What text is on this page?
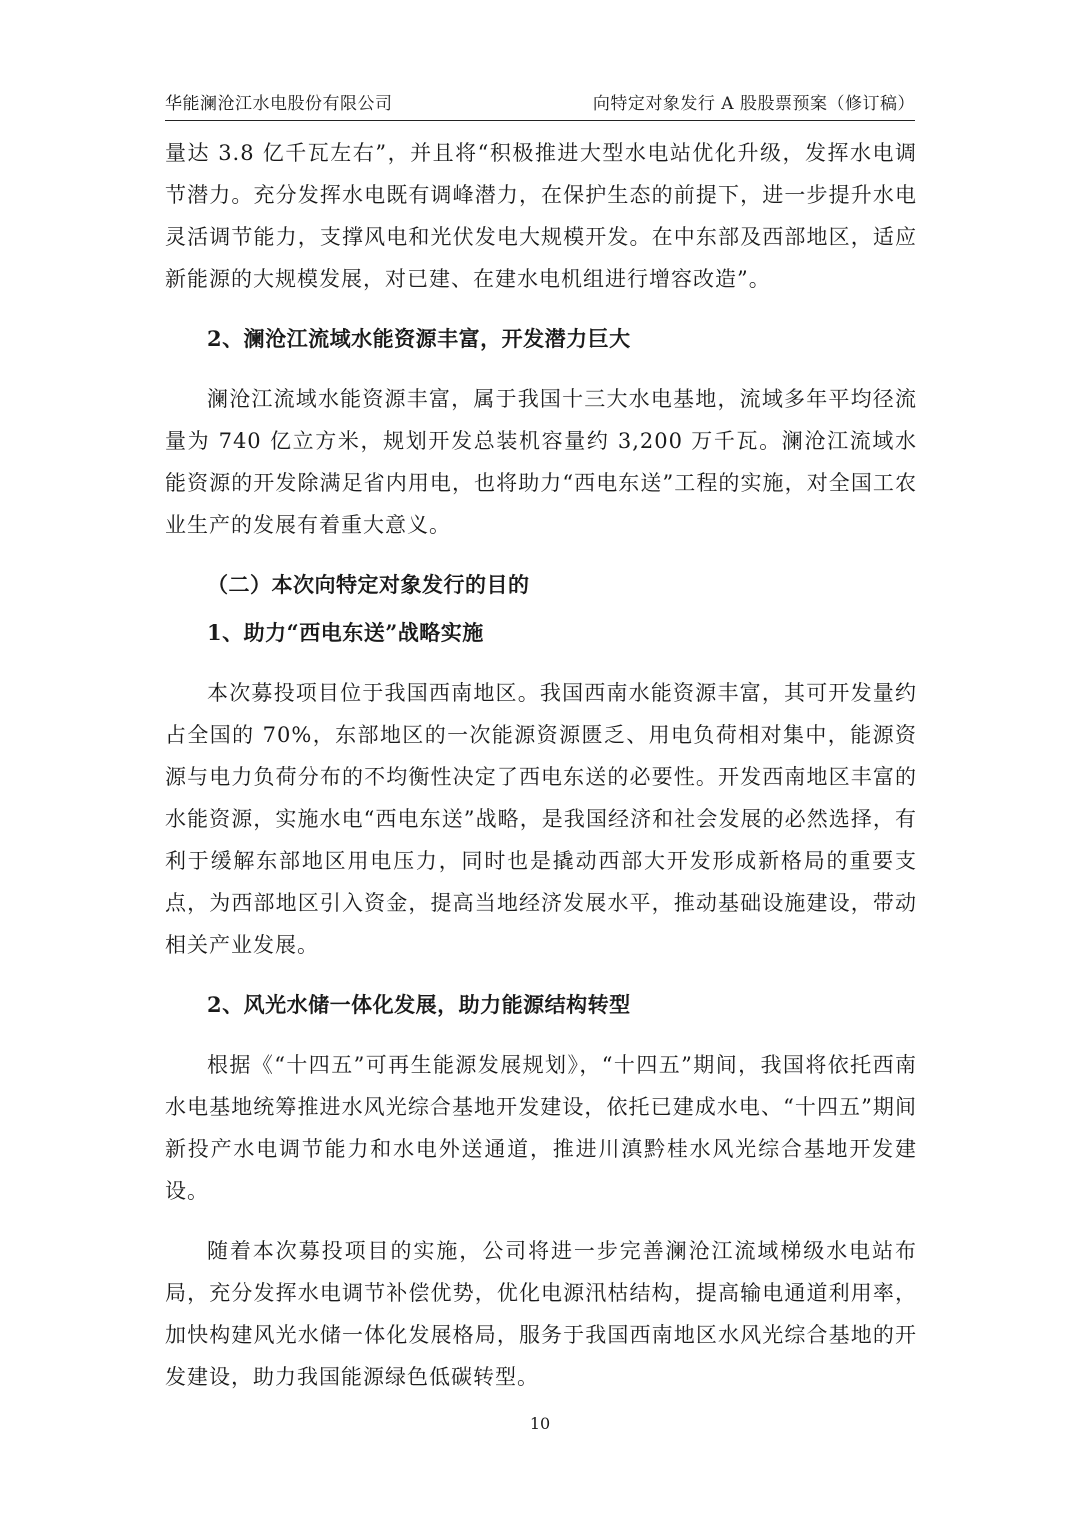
华能澜沧江水电股份有限公司	向特定对象发行 A 股股票预案（修订稿）

量达 3.8 亿千瓦左右”，并且将“积极推进大型水电站优化升级，发挥水电调节潜力。充分发挥水电既有调峰潜力，在保护生态的前提下，进一步提升水电灵活调节能力，支撑风电和光伏发电大规模开发。在中东部及西部地区，适应新能源的大规模发展，对已建、在建水电机组进行增容改造”。

2、澜沧江流域水能资源丰富，开发潜力巨大

澜沧江流域水能资源丰富，属于我国十三大水电基地，流域多年平均径流量为 740 亿立方米，规划开发总装机容量约 3,200 万千瓦。澜沧江流域水能资源的开发除满足省内用电，也将助力“西电东送”工程的实施，对全国工农业生产的发展有着重大意义。

（二）本次向特定对象发行的目的
1、助力“西电东送”战略实施

本次募投项目位于我国西南地区。我国西南水能资源丰富，其可开发量约占全国的 70%，东部地区的一次能源资源匮乏、用电负荷相对集中，能源资源与电力负荷分布的不均衡性决定了西电东送的必要性。开发西南地区丰富的水能资源，实施水电“西电东送”战略，是我国经济和社会发展的必然选择，有利于缓解东部地区用电压力，同时也是撬动西部大开发形成新格局的重要支点，为西部地区引入资金，提高当地经济发展水平，推动基础设施建设，带动相关产业发展。

2、风光水储一体化发展，助力能源结构转型

根据《“十四五”可再生能源发展规划》，“十四五”期间，我国将依托西南水电基地统筹推进水风光综合基地开发建设，依托已建成水电、“十四五”期间新投产水电调节能力和水电外送通道，推进川滇黔桂水风光综合基地开发建设。

随着本次募投项目的实施，公司将进一步完善澜沧江流域梯级水电站布局，充分发挥水电调节补偿优势，优化电源汛枯结构，提高输电通道利用率，加快构建风光水储一体化发展格局，服务于我国西南地区水风光综合基地的开发建设，助力我国能源绿色低碳转型。

10
